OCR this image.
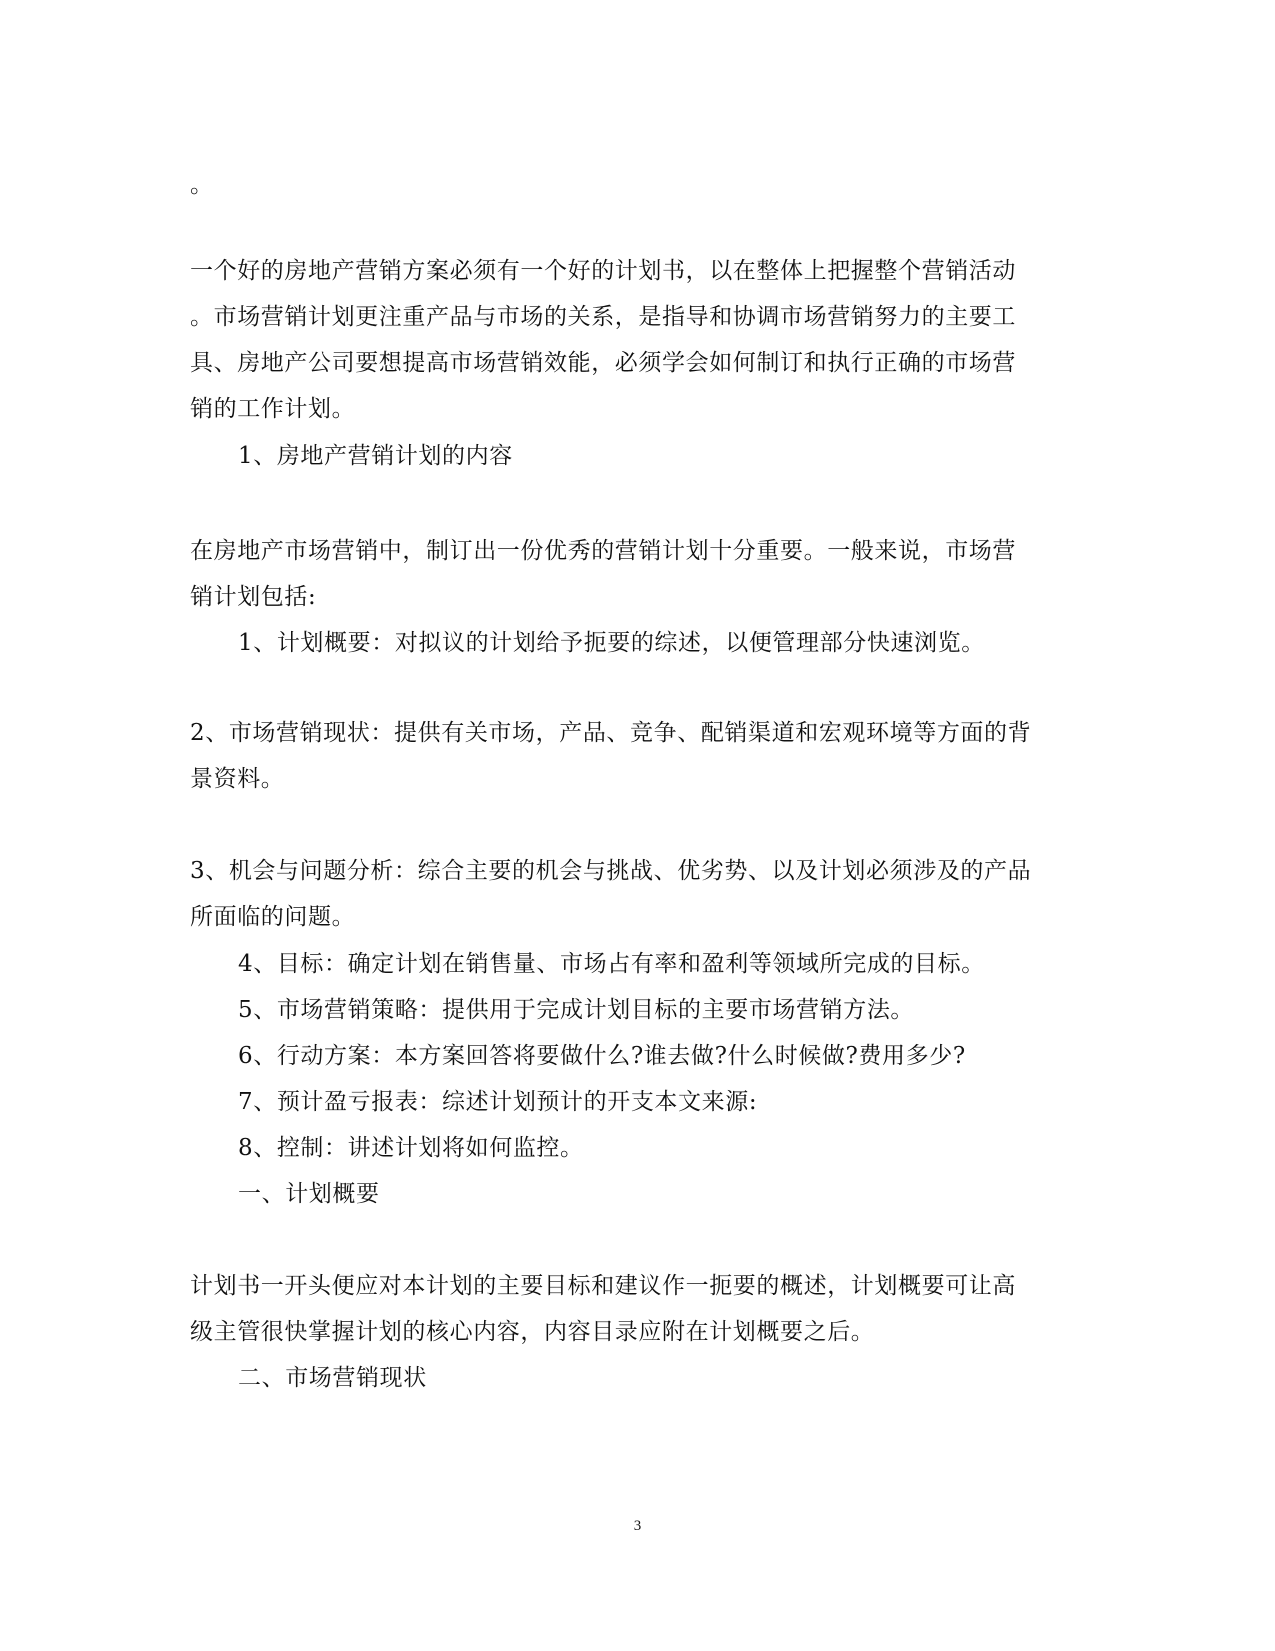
。
一个好的房地产营销方案必须有一个好的计划书，以在整体上把握整个营销活动
。市场营销计划更注重产品与市场的关系，是指导和协调市场营销努力的主要工
具、房地产公司要想提高市场营销效能，必须学会如何制订和执行正确的市场营
销的工作计划。
1、房地产营销计划的内容
在房地产市场营销中，制订出一份优秀的营销计划十分重要。一般来说，市场营
销计划包括:
1、计划概要：对拟议的计划给予扼要的综述，以便管理部分快速浏览。
2、市场营销现状：提供有关市场，产品、竞争、配销渠道和宏观环境等方面的背
景资料。
3、机会与问题分析：综合主要的机会与挑战、优劣势、以及计划必须涉及的产品
所面临的问题。
4、目标：确定计划在销售量、市场占有率和盈利等领域所完成的目标。
5、市场营销策略：提供用于完成计划目标的主要市场营销方法。
6、行动方案：本方案回答将要做什么?谁去做?什么时候做?费用多少?
7、预计盈亏报表：综述计划预计的开支本文来源:
8、控制：讲述计划将如何监控。
一、计划概要
计划书一开头便应对本计划的主要目标和建议作一扼要的概述，计划概要可让高
级主管很快掌握计划的核心内容，内容目录应附在计划概要之后。
二、市场营销现状
3
